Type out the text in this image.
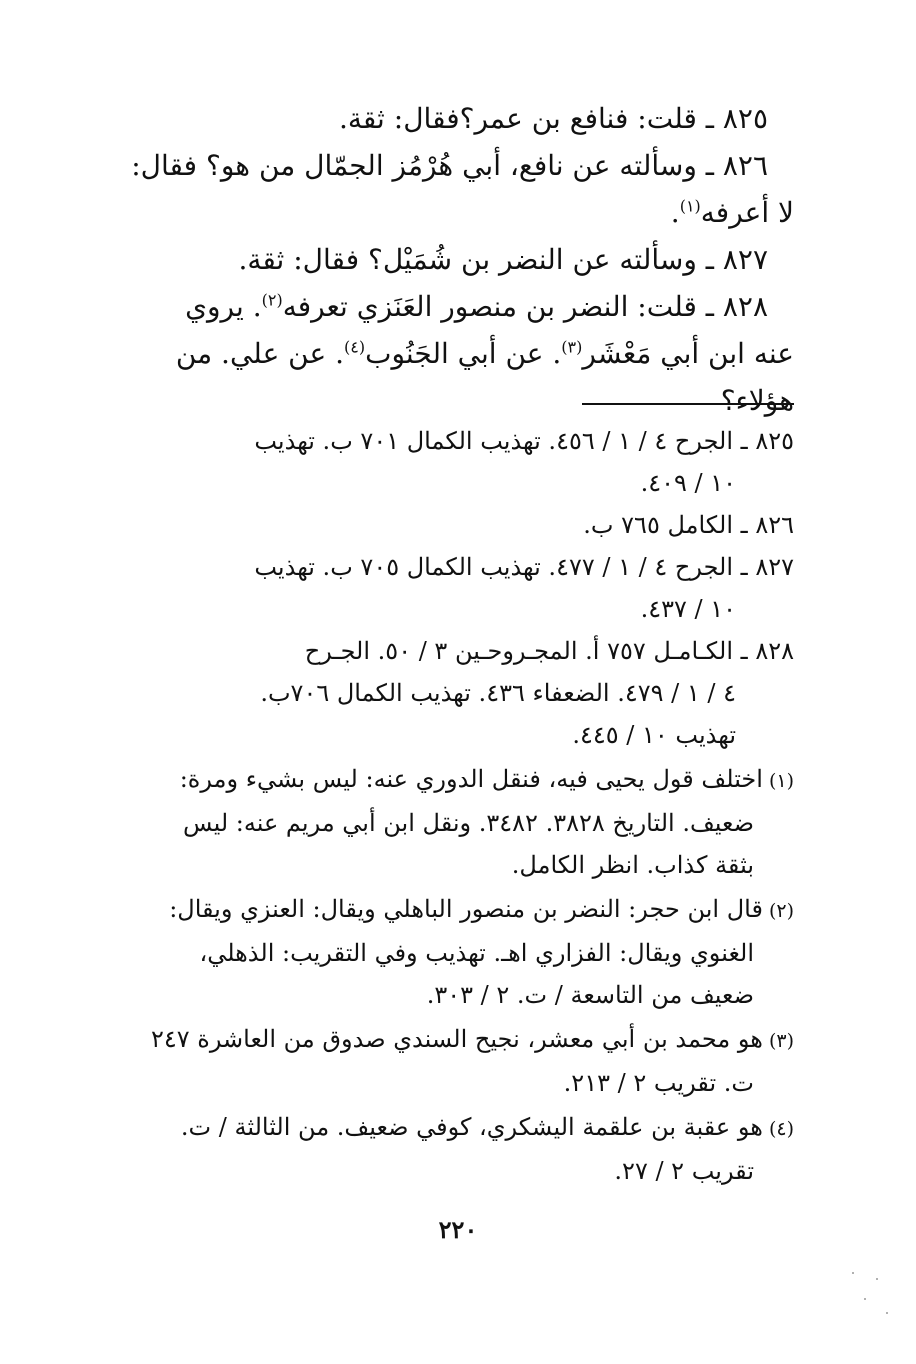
٨٢٥ ـ قلت: فنافع بن عمر؟فقال: ثقة.

٨٢٦ ـ وسألته عن نافع، أبي هُرْمُز الجمّال من هو؟ فقال:
لا أعرفه$^{(١)}$.

٨٢٧ ـ وسألته عن النضر بن شُمَيْل؟ فقال: ثقة.

٨٢٨ ـ قلت: النضر بن منصور العَنَزي تعرفه$^{(٢)}$. يروي
عنه ابن أبي مَعْشَر$^{(٣)}$. عن أبي الجَنُوب$^{(٤)}$. عن علي. من هؤلاء؟

٨٢٥ ـ الجرح ٤ / ١ / ٤٥٦. تهذيب الكمال ٧٠١ ب. تهذيب
١٠ / ٤٠٩.

٨٢٦ ـ الكامل ٧٦٥ ب.

٨٢٧ ـ الجرح ٤ / ١ / ٤٧٧. تهذيب الكمال ٧٠٥ ب. تهذيب
١٠ / ٤٣٧.

٨٢٨ ـ الكـامـل ٧٥٧ أ. المجـروحـين ٣ / ٥٠. الجـرح
٤ / ١ / ٤٧٩. الضعفاء ٤٣٦. تهذيب الكمال ٧٠٦ب.
تهذيب ١٠ / ٤٤٥.

(١)اختلف قول يحيى فيه، فنقل الدوري عنه: ليس بشيء ومرة:
ضعيف. التاريخ ٣٨٢٨. ٣٤٨٢. ونقل ابن أبي مريم عنه: ليس
بثقة كذاب. انظر الكامل.

(٢)قال ابن حجر: النضر بن منصور الباهلي ويقال: العنزي ويقال:
الغنوي ويقال: الفزاري اهـ. تهذيب وفي التقريب: الذهلي،
ضعيف من التاسعة / ت. ٢ / ٣٠٣.

(٣)هو محمد بن أبي معشر، نجيح السندي صدوق من العاشرة ٢٤٧
ت. تقريب ٢ / ٢١٣.

(٤)هو عقبة بن علقمة اليشكري، كوفي ضعيف. من الثالثة / ت.
تقريب ٢ / ٢٧.

٢٢٠
